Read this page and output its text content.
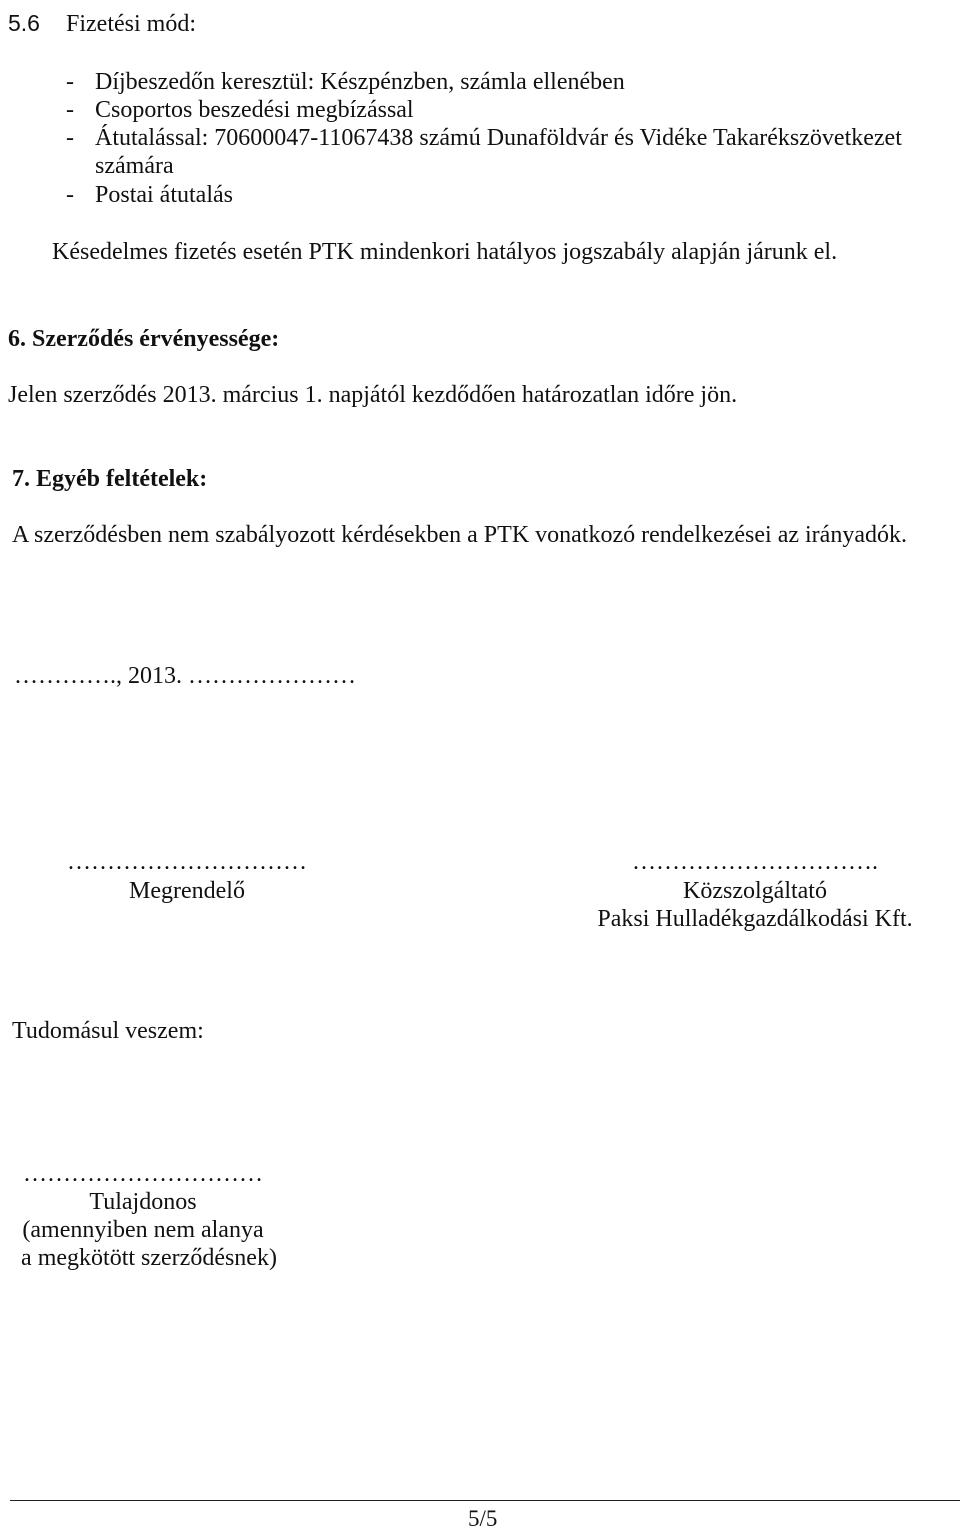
5.6 Fizetési mód:
- Díjbeszedőn keresztül: Készpénzben, számla ellenében
- Csoportos beszedési megbízással
- Átutalással: 70600047-11067438 számú Dunaföldvár és Vidéke Takarékszövetkezet
számára
- Postai átutalás
Késedelmes fizetés esetén PTK mindenkori hatályos jogszabály alapján járunk el.
6. Szerződés érvényessége:
Jelen szerződés 2013. március 1. napjától kezdődően határozatlan időre jön.
7. Egyéb feltételek:
A szerződésben nem szabályozott kérdésekben a PTK vonatkozó rendelkezései az irányadók.
…………., 2013. …………………
…………………………
Megrendelő
………………………….
Közszolgáltató
Paksi Hulladékgazdálkodási Kft.
Tudomásul veszem:
…………………………
Tulajdonos
(amennyiben nem alanya
a megkötött szerződésnek)
5/5
